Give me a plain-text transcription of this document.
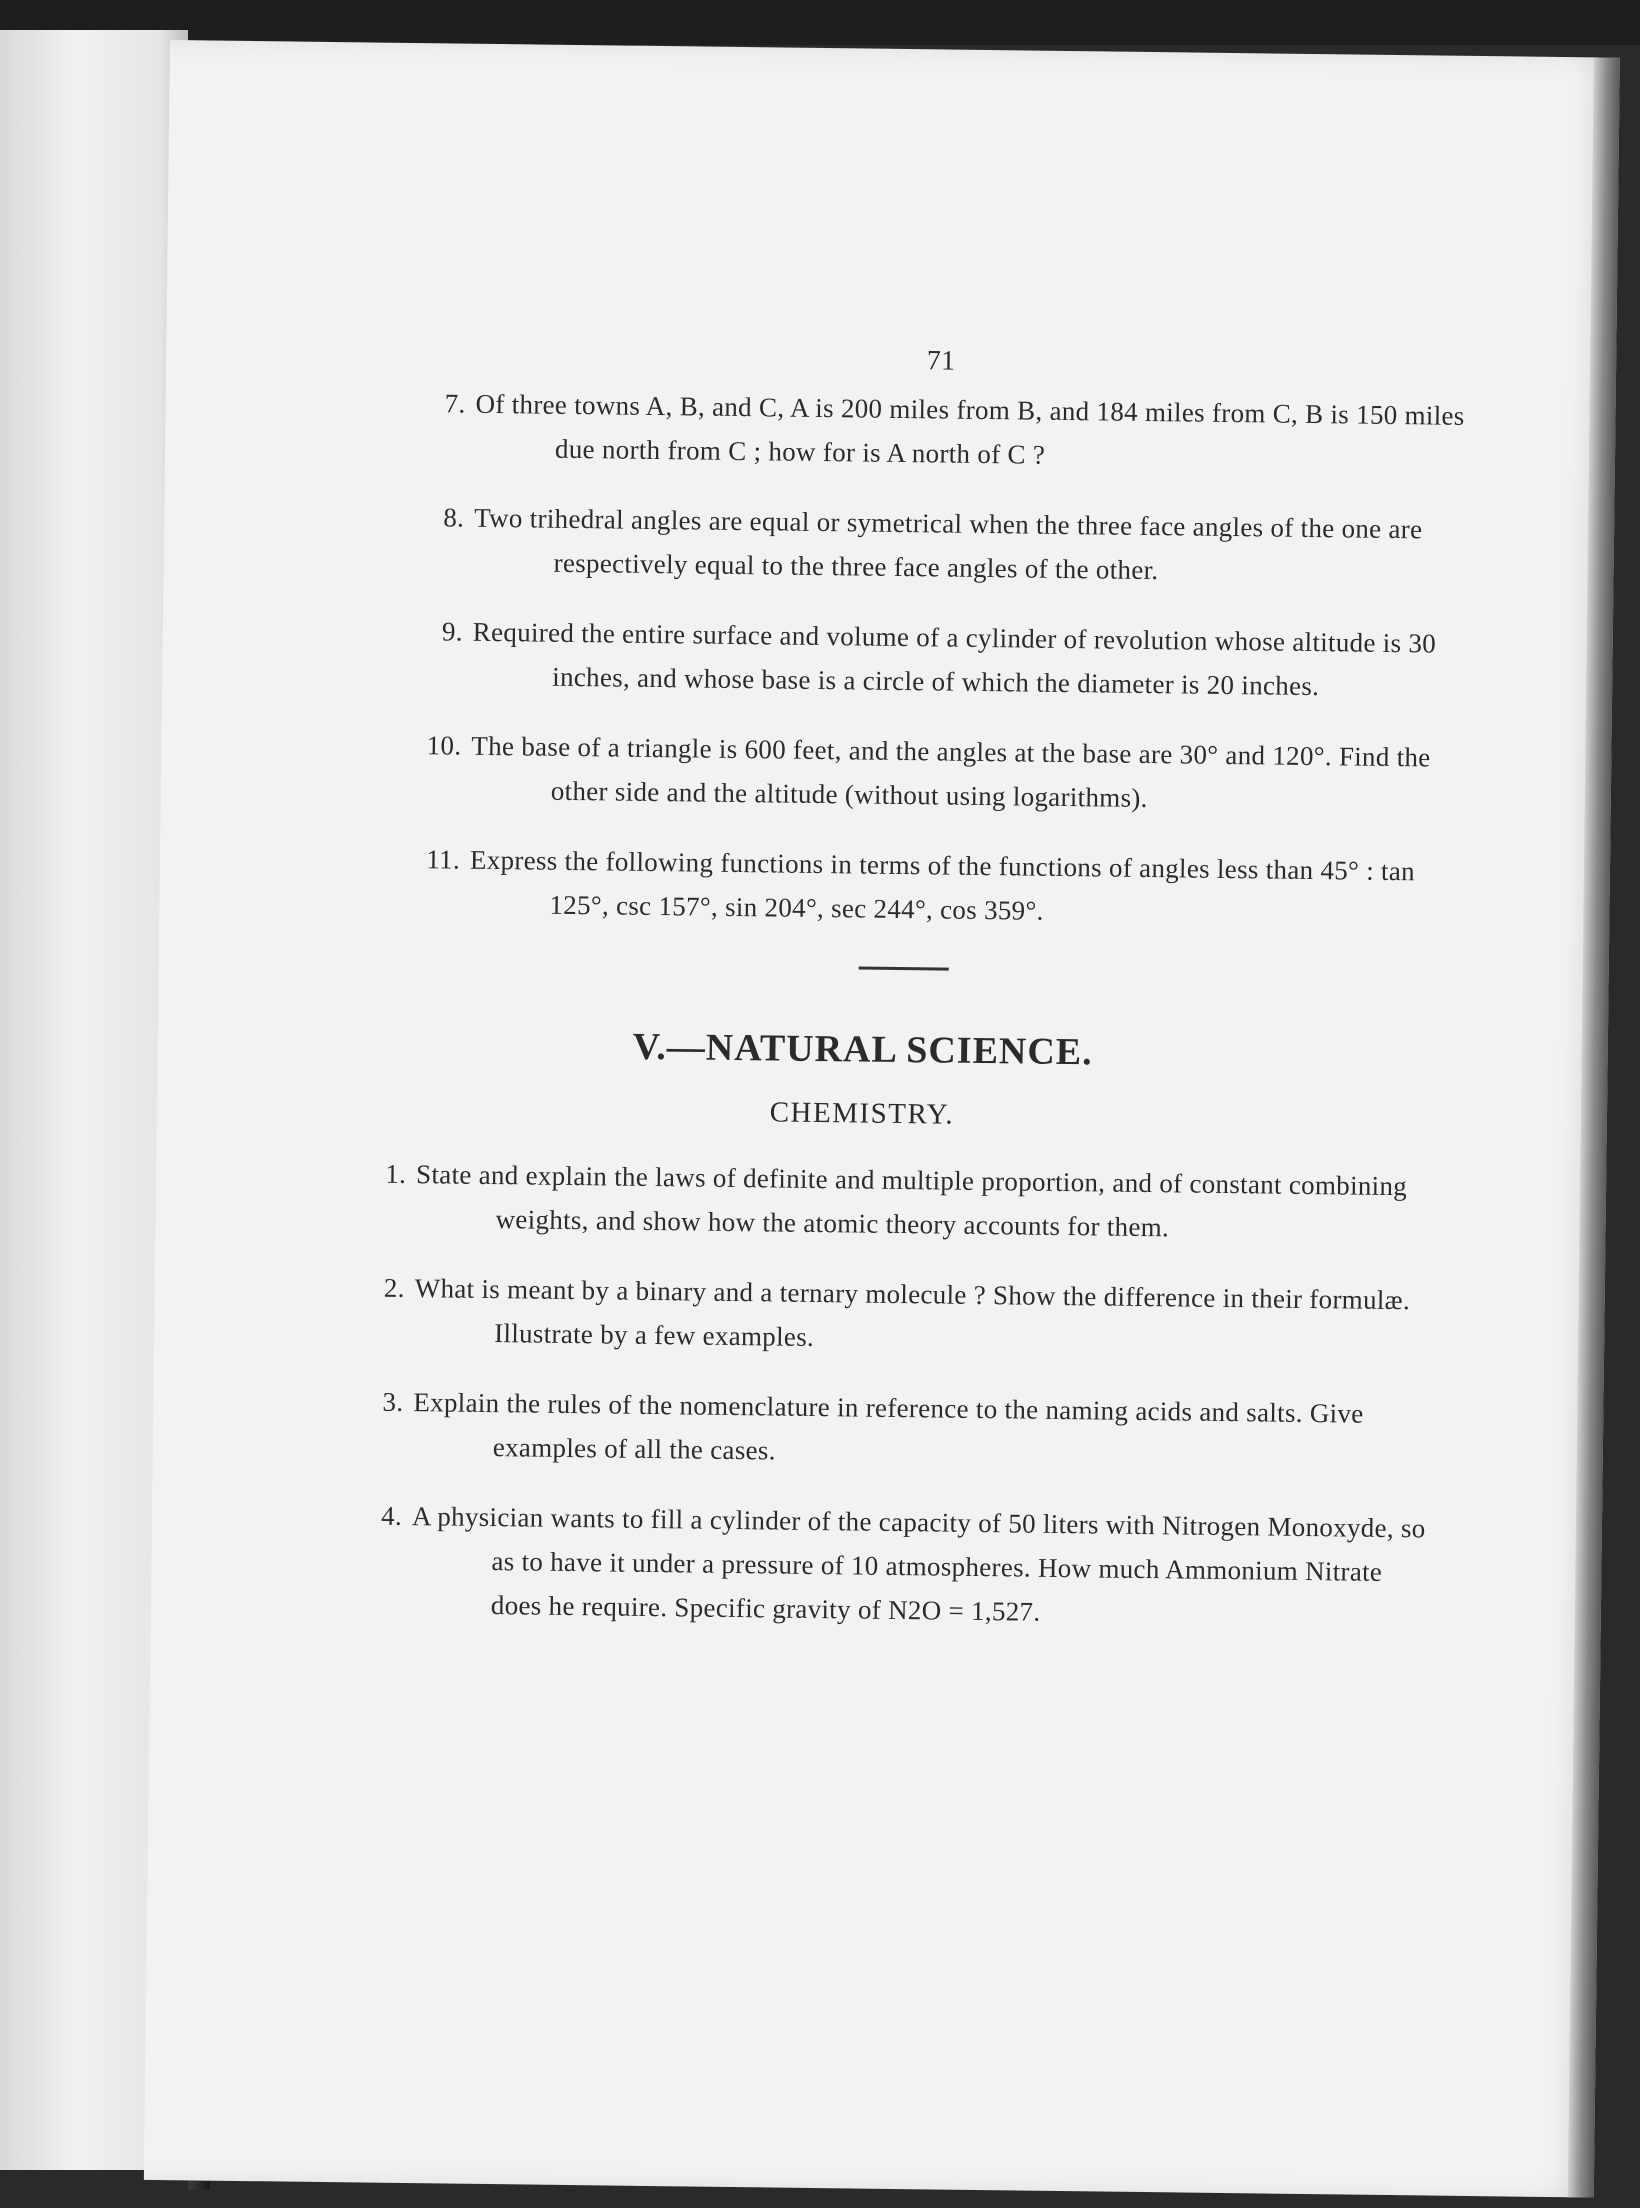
71
7. Of three towns A, B, and C, A is 200 miles from B, and 184 miles from C, B is 150 miles due north from C ; how for is A north of C ?
8. Two trihedral angles are equal or symetrical when the three face angles of the one are respectively equal to the three face angles of the other.
9. Required the entire surface and volume of a cylinder of revolution whose altitude is 30 inches, and whose base is a circle of which the diameter is 20 inches.
10. The base of a triangle is 600 feet, and the angles at the base are 30° and 120°. Find the other side and the altitude (without using logarithms).
11. Express the following functions in terms of the functions of angles less than 45° : tan 125°, csc 157°, sin 204°, sec 244°, cos 359°.
V.—NATURAL SCIENCE.
CHEMISTRY.
1. State and explain the laws of definite and multiple proportion, and of constant combining weights, and show how the atomic theory accounts for them.
2. What is meant by a binary and a ternary molecule ? Show the difference in their formulæ. Illustrate by a few examples.
3. Explain the rules of the nomenclature in reference to the naming acids and salts. Give examples of all the cases.
4. A physician wants to fill a cylinder of the capacity of 50 liters with Nitrogen Monoxyde, so as to have it under a pressure of 10 atmospheres. How much Ammonium Nitrate does he require. Specific gravity of N2O = 1,527.
